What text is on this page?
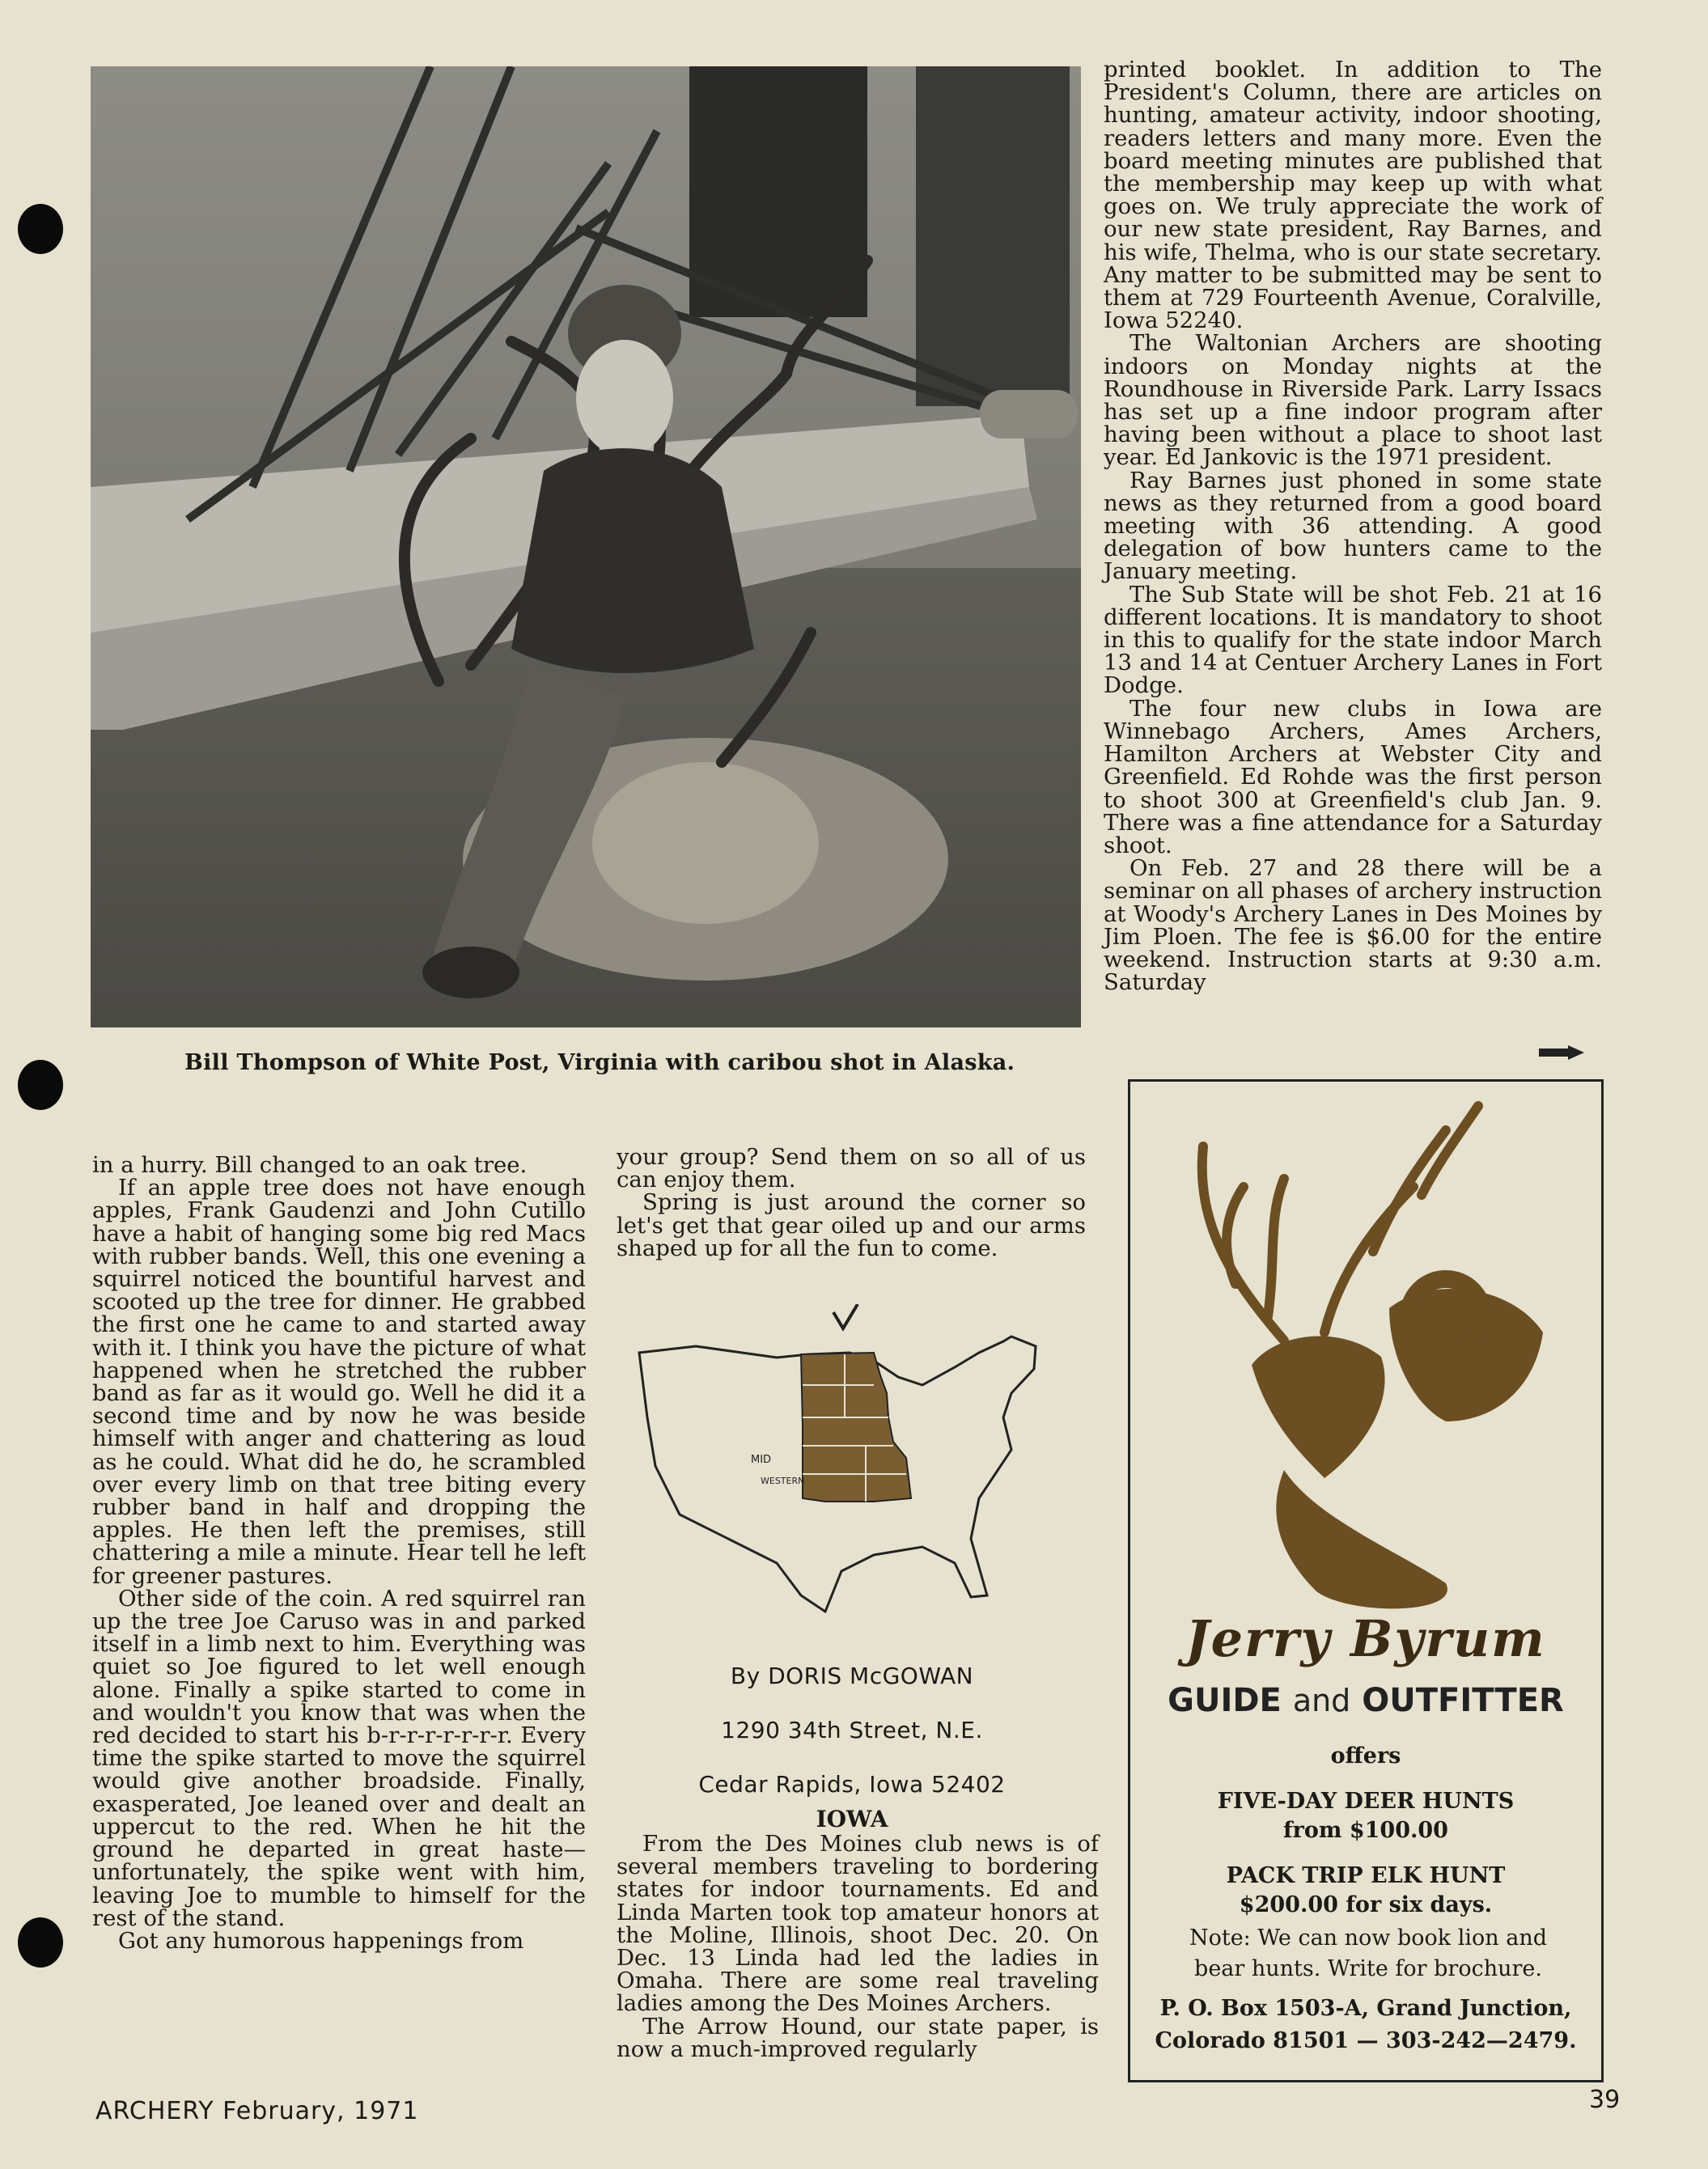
Bill Thompson of White Post, Virginia with caribou shot in Alaska.

printed booklet. In addition to The President's Column, there are articles on hunting, amateur activity, indoor shooting, readers letters and many more. Even the board meeting minutes are published that the membership may keep up with what goes on. We truly appreciate the work of our new state president, Ray Barnes, and his wife, Thelma, who is our state secretary. Any matter to be submitted may be sent to them at 729 Fourteenth Avenue, Coralville, Iowa 52240.

The Waltonian Archers are shooting indoors on Monday nights at the Roundhouse in Riverside Park. Larry Issacs has set up a fine indoor program after having been without a place to shoot last year. Ed Jankovic is the 1971 president.

Ray Barnes just phoned in some state news as they returned from a good board meeting with 36 attending. A good delegation of bow hunters came to the January meeting.

The Sub State will be shot Feb. 21 at 16 different locations. It is mandatory to shoot in this to qualify for the state indoor March 13 and 14 at Centuer Archery Lanes in Fort Dodge.

The four new clubs in Iowa are Winnebago Archers, Ames Archers, Hamilton Archers at Webster City and Greenfield. Ed Rohde was the first person to shoot 300 at Greenfield's club Jan. 9. There was a fine attendance for a Saturday shoot.

On Feb. 27 and 28 there will be a seminar on all phases of archery instruction at Woody's Archery Lanes in Des Moines by Jim Ploen. The fee is $6.00 for the entire weekend. Instruction starts at 9:30 a.m. Saturday

in a hurry. Bill changed to an oak tree.

If an apple tree does not have enough apples, Frank Gaudenzi and John Cutillo have a habit of hanging some big red Macs with rubber bands. Well, this one evening a squirrel noticed the bountiful harvest and scooted up the tree for dinner. He grabbed the first one he came to and started away with it. I think you have the picture of what happened when he stretched the rubber band as far as it would go. Well he did it a second time and by now he was beside himself with anger and chattering as loud as he could. What did he do, he scrambled over every limb on that tree biting every rubber band in half and dropping the apples. He then left the premises, still chattering a mile a minute. Hear tell he left for greener pastures.

Other side of the coin. A red squirrel ran up the tree Joe Caruso was in and parked itself in a limb next to him. Everything was quiet so Joe figured to let well enough alone. Finally a spike started to come in and wouldn't you know that was when the red decided to start his b-r-r-r-r-r-r-r. Every time the spike started to move the squirrel would give another broadside. Finally, exasperated, Joe leaned over and dealt an uppercut to the red. When he hit the ground he departed in great haste—unfortunately, the spike went with him, leaving Joe to mumble to himself for the rest of the stand.

Got any humorous happenings from

your group? Send them on so all of us can enjoy them.

Spring is just around the corner so let's get that gear oiled up and our arms shaped up for all the fun to come.

MID
WESTERN
By DORIS McGOWAN
1290 34th Street, N.E.
Cedar Rapids, Iowa 52402
IOWA

From the Des Moines club news is of several members traveling to bordering states for indoor tournaments. Ed and Linda Marten took top amateur honors at the Moline, Illinois, shoot Dec. 20. On Dec. 13 Linda had led the ladies in Omaha. There are some real traveling ladies among the Des Moines Archers.

The Arrow Hound, our state paper, is now a much-improved regularly

Jerry Byrum
GUIDE and OUTFITTER
offers
FIVE-DAY DEER HUNTS
from $100.00
PACK TRIP ELK HUNT
$200.00 for six days.
Note: We can now book lion and bear hunts. Write for brochure.
P. O. Box 1503-A, Grand Junction,
Colorado 81501 — 303-242—2479.
ARCHERY February, 1971	39
